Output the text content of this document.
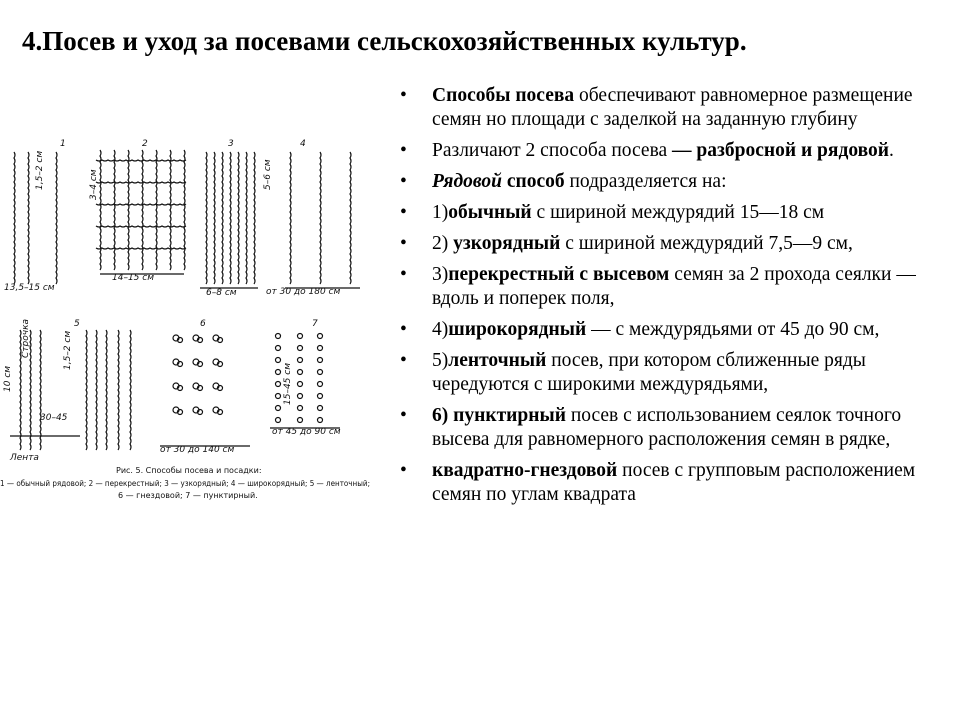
4.Посев и уход за посевами сельскохозяйственных культур.
1	2	3	4
5	6	7
1,5–2 см	3–4 см	5–6 см
13,5–15 см
14–15 см
6–8 см	от 30 до 180 см
1,5–2 см
30–45
15–45 см
от 30 до 140 см
от 45 до 90 см
10 см
Лента
Строчка
Рис. 5. Способы посева и посадки:
1 — обычный рядовой; 2 — перекрестный; 3 — узкорядный; 4 — широкорядный; 5 — ленточный;
6 — гнездовой; 7 — пунктирный.
• Способы посева обеспечивают равномерное размещение семян но площади с заделкой на заданную глубину
• Различают 2 способа посева — разбросной и рядовой.
• Рядовой способ подразделяется на:
• 1)обычный с шириной междурядий 15—18 см
• 2) узкорядный с шириной междурядий 7,5—9 см,
• 3)перекрестный с высевом семян за 2 прохода сеялки — вдоль и поперек поля,
• 4)широкорядный — с междурядьями от 45 до 90 см,
• 5)ленточный посев, при котором сближенные ряды чередуются с широкими междурядьями,
• 6) пунктирный посев с использованием сеялок точного высева для равномерного расположения семян в рядке,
• квадратно-гнездовой посев с групповым расположением семян по углам квадрата
